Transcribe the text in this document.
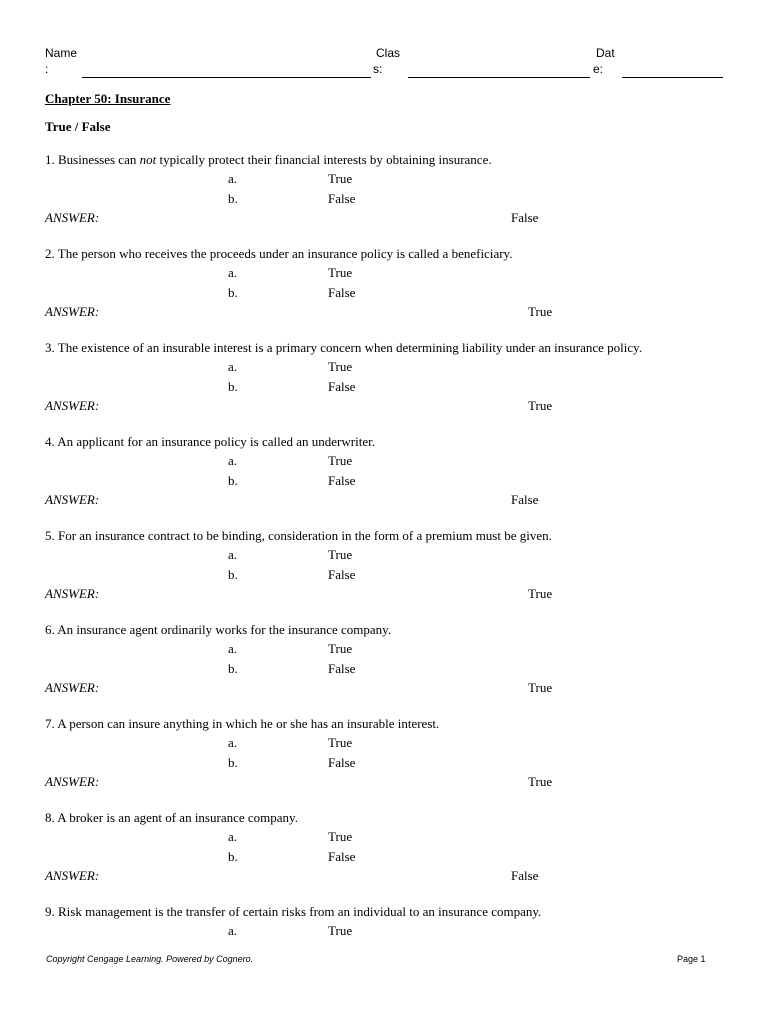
Name
:
Clas
s:
Dat
e:
Chapter 50: Insurance
True / False
1. Businesses can not typically protect their financial interests by obtaining insurance.
a.	True
b.	False
ANSWER:	False
2. The person who receives the proceeds under an insurance policy is called a beneficiary.
a.	True
b.	False
ANSWER:	True
3. The existence of an insurable interest is a primary concern when determining liability under an insurance policy.
a.	True
b.	False
ANSWER:	True
4. An applicant for an insurance policy is called an underwriter.
a.	True
b.	False
ANSWER:	False
5. For an insurance contract to be binding, consideration in the form of a premium must be given.
a.	True
b.	False
ANSWER:	True
6. An insurance agent ordinarily works for the insurance company.
a.	True
b.	False
ANSWER:	True
7. A person can insure anything in which he or she has an insurable interest.
a.	True
b.	False
ANSWER:	True
8. A broker is an agent of an insurance company.
a.	True
b.	False
ANSWER:	False
9. Risk management is the transfer of certain risks from an individual to an insurance company.
a.	True
Copyright Cengage Learning. Powered by Cognero.	Page 1
